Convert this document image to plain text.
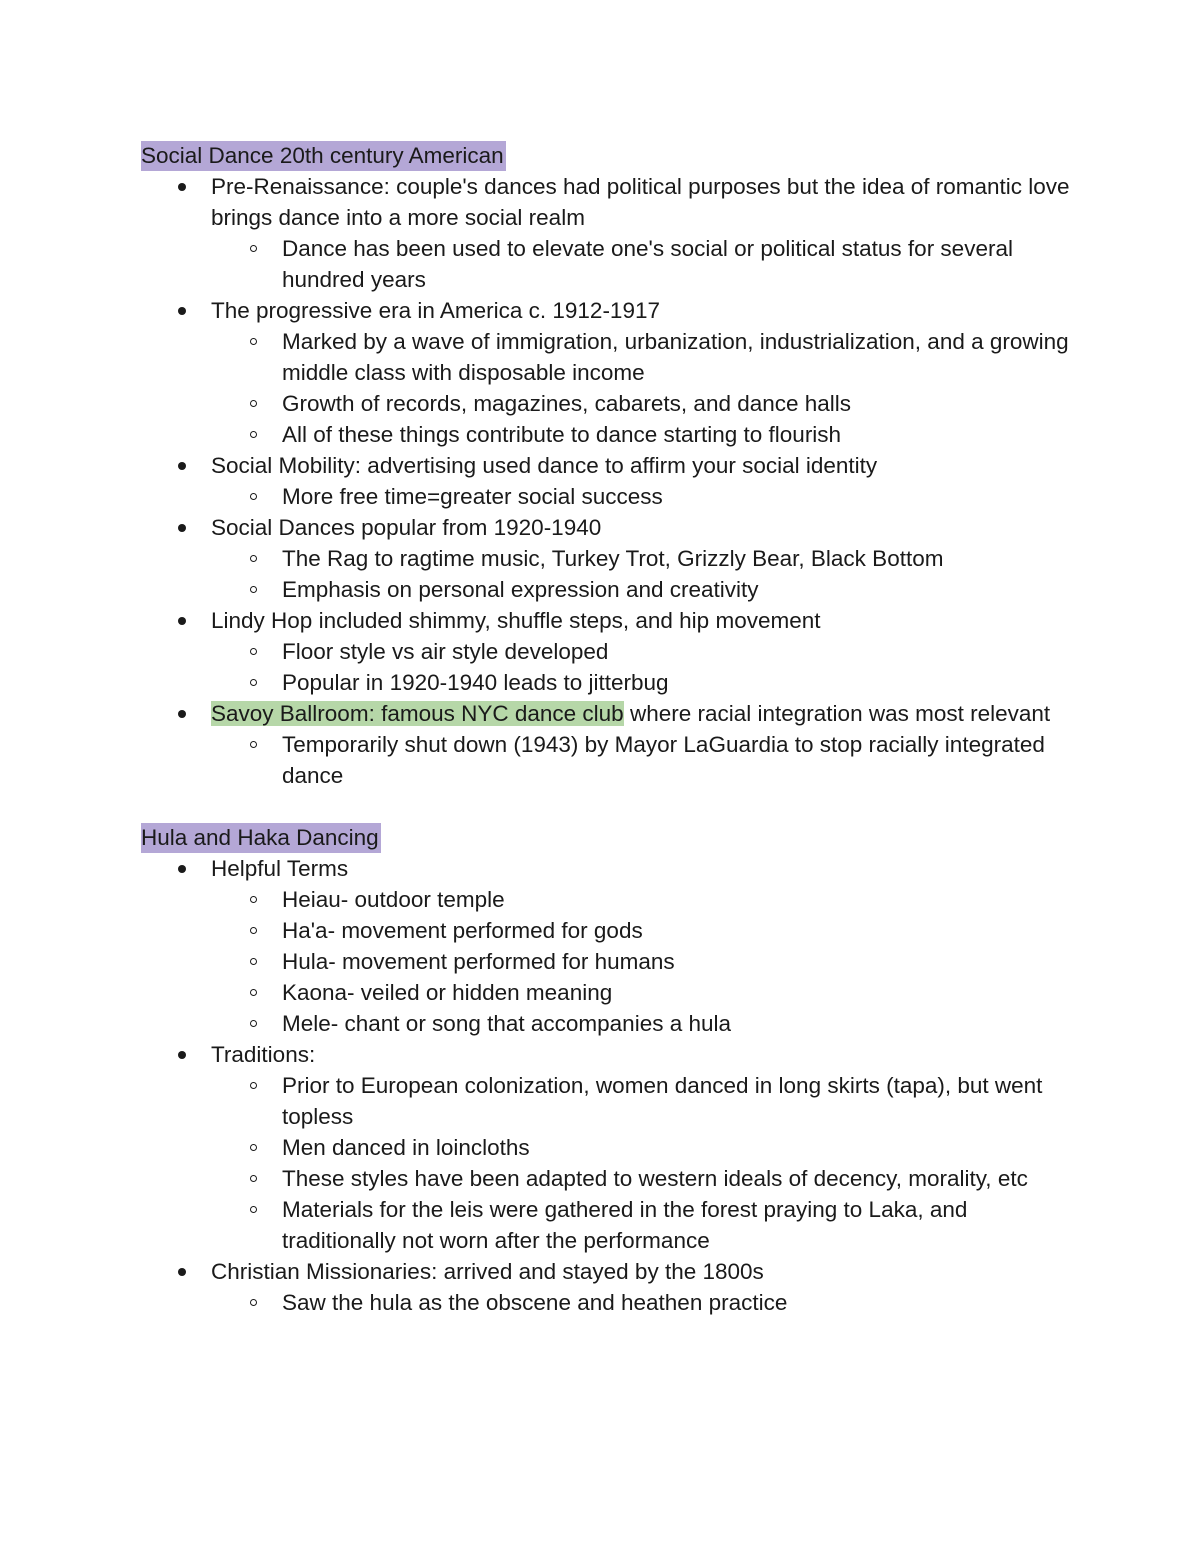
Social Dance 20th century American
Pre-Renaissance: couple's dances had political purposes but the idea of romantic love brings dance into a more social realm
Dance has been used to elevate one's social or political status for several hundred years
The progressive era in America c. 1912-1917
Marked by a wave of immigration, urbanization, industrialization, and a growing middle class with disposable income
Growth of records, magazines, cabarets, and dance halls
All of these things contribute to dance starting to flourish
Social Mobility: advertising used dance to affirm your social identity
More free time=greater social success
Social Dances popular from 1920-1940
The Rag to ragtime music, Turkey Trot, Grizzly Bear, Black Bottom
Emphasis on personal expression and creativity
Lindy Hop included shimmy, shuffle steps, and hip movement
Floor style vs air style developed
Popular in 1920-1940 leads to jitterbug
Savoy Ballroom: famous NYC dance club where racial integration was most relevant
Temporarily shut down (1943) by Mayor LaGuardia to stop racially integrated dance
Hula and Haka Dancing
Helpful Terms
Heiau- outdoor temple
Ha'a- movement performed for gods
Hula- movement performed for humans
Kaona- veiled or hidden meaning
Mele- chant or song that accompanies a hula
Traditions:
Prior to European colonization, women danced in long skirts (tapa), but went topless
Men danced in loincloths
These styles have been adapted to western ideals of decency, morality, etc
Materials for the leis were gathered in the forest praying to Laka, and traditionally not worn after the performance
Christian Missionaries: arrived and stayed by the 1800s
Saw the hula as the obscene and heathen practice
